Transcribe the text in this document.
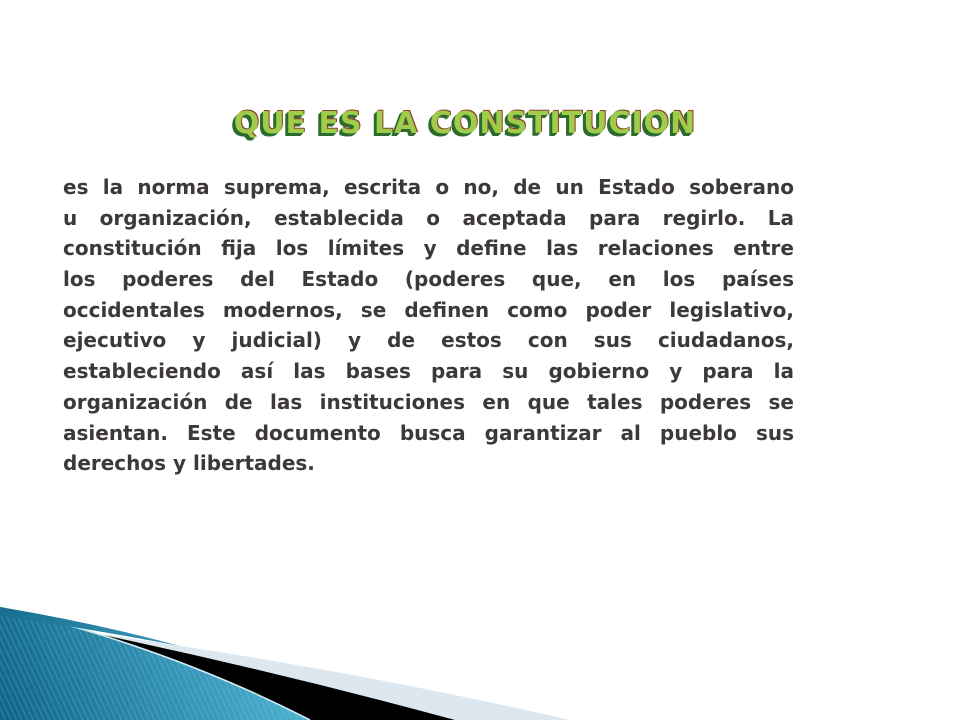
QUE ES LA CONSTITUCION
es la norma suprema, escrita o no, de un Estado soberano
u organización, establecida o aceptada para regirlo. La
constitución fija los límites y define las relaciones entre
los poderes del Estado (poderes que, en los países
occidentales modernos, se definen como poder legislativo,
ejecutivo y judicial) y de estos con sus ciudadanos,
estableciendo así las bases para su gobierno y para la
organización de las instituciones en que tales poderes se
asientan. Este documento busca garantizar al pueblo sus
derechos y libertades.
